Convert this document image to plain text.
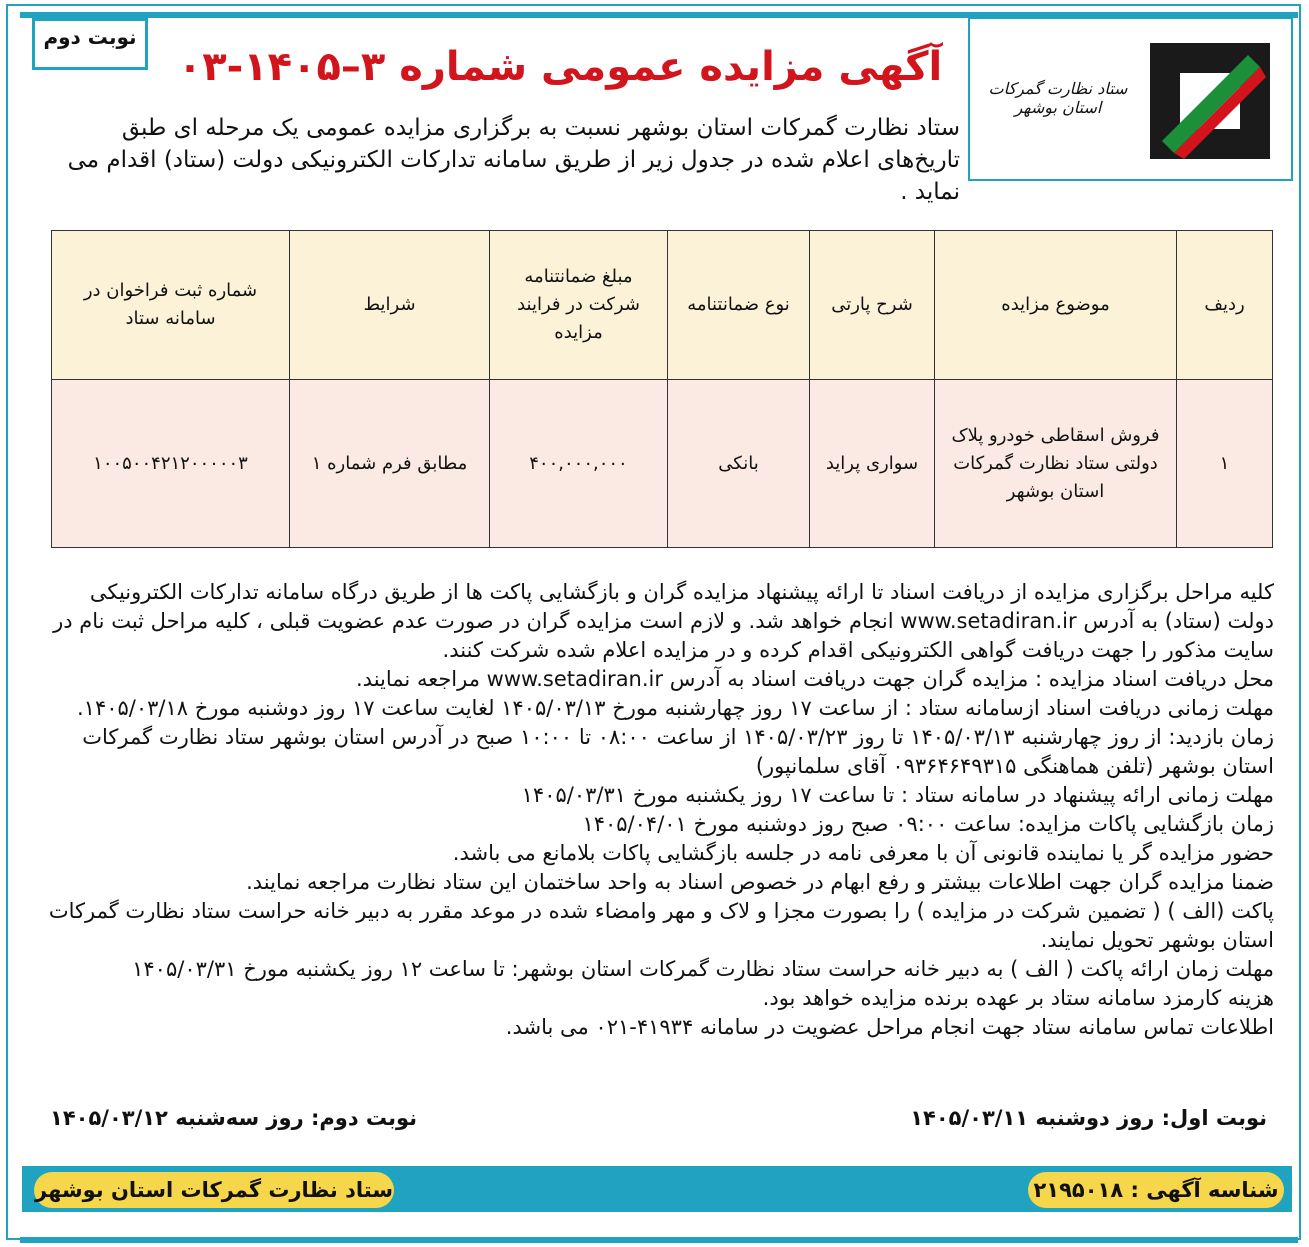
نوبت دوم
آگهی مزایده عمومی شماره ۳–۱۴۰۵-۰۳	ستاد نظارت گمرکات استان بوشهر
ستاد نظارت گمرکات استان بوشهر نسبت به برگزاری مزایده عمومی یک مرحله ای طبق تاریخ‌های اعلام شده در جدول زیر از طریق سامانه تدارکات الکترونیکی دولت (ستاد) اقدام می نماید .
ردیف	موضوع مزایده	شرح پارتی	نوع ضمانتنامه	مبلغ ضمانتنامه شرکت در فرایند مزایده	شرایط	شماره ثبت فراخوان در سامانه ستاد
۱	فروش اسقاطی خودرو پلاک دولتی ستاد نظارت گمرکات استان بوشهر	سواری پراید	بانکی	۴۰۰,۰۰۰,۰۰۰	مطابق فرم شماره ۱	۱۰۰۵۰۰۴۲۱۲۰۰۰۰۰۳

کلیه مراحل برگزاری مزایده از دریافت اسناد تا ارائه پیشنهاد مزایده گران و بازگشایی پاکت ها از طریق درگاه سامانه تدارکات الکترونیکی دولت (ستاد) به آدرس www.setadiran.ir انجام خواهد شد. و لازم است مزایده گران در صورت عدم عضویت قبلی ، کلیه مراحل ثبت نام در سایت مذکور را جهت دریافت گواهی الکترونیکی اقدام کرده و در مزایده اعلام شده شرکت کنند.

محل دریافت اسناد مزایده : مزایده گران جهت دریافت اسناد به آدرس www.setadiran.ir مراجعه نمایند.

مهلت زمانی دریافت اسناد ازسامانه ستاد : از ساعت ۱۷ روز چهارشنبه مورخ ۱۴۰۵/۰۳/۱۳ لغایت ساعت ۱۷ روز دوشنبه مورخ ۱۴۰۵/۰۳/۱۸.

زمان بازدید: از روز چهارشنبه ۱۴۰۵/۰۳/۱۳ تا روز ۱۴۰۵/۰۳/۲۳ از ساعت ۰۸:۰۰ تا ۱۰:۰۰ صبح در آدرس استان بوشهر ستاد نظارت گمرکات استان بوشهر (تلفن هماهنگی ۰۹۳۶۴۶۴۹۳۱۵ آقای سلمانپور)

مهلت زمانی ارائه پیشنهاد در سامانه ستاد : تا ساعت ۱۷ روز یکشنبه مورخ ۱۴۰۵/۰۳/۳۱

زمان بازگشایی پاکات مزایده: ساعت ۰۹:۰۰ صبح روز دوشنبه مورخ ۱۴۰۵/۰۴/۰۱

حضور مزایده گر یا نماینده قانونی آن با معرفی نامه در جلسه بازگشایی پاکات بلامانع می باشد.

ضمنا مزایده گران جهت اطلاعات بیشتر و رفع ابهام در خصوص اسناد به واحد ساختمان این ستاد نظارت مراجعه نمایند.

پاکت (الف ) ( تضمین شرکت در مزایده ) را بصورت مجزا و لاک و مهر وامضاء شده در موعد مقرر به دبیر خانه حراست ستاد نظارت گمرکات استان بوشهر تحویل نمایند.

مهلت زمان ارائه پاکت ( الف ) به دبیر خانه حراست ستاد نظارت گمرکات استان بوشهر: تا ساعت ۱۲ روز یکشنبه مورخ ۱۴۰۵/۰۳/۳۱

هزینه کارمزد سامانه ستاد بر عهده برنده مزایده خواهد بود.

اطلاعات تماس سامانه ستاد جهت انجام مراحل عضویت در سامانه ۴۱۹۳۴-۰۲۱ می باشد.

نوبت اول: روز دوشنبه ۱۴۰۵/۰۳/۱۱
نوبت دوم: روز سه‌شنبه ۱۴۰۵/۰۳/۱۲
شناسه آگهی : ۲۱۹۵۰۱۸
ستاد نظارت گمرکات استان بوشهر
